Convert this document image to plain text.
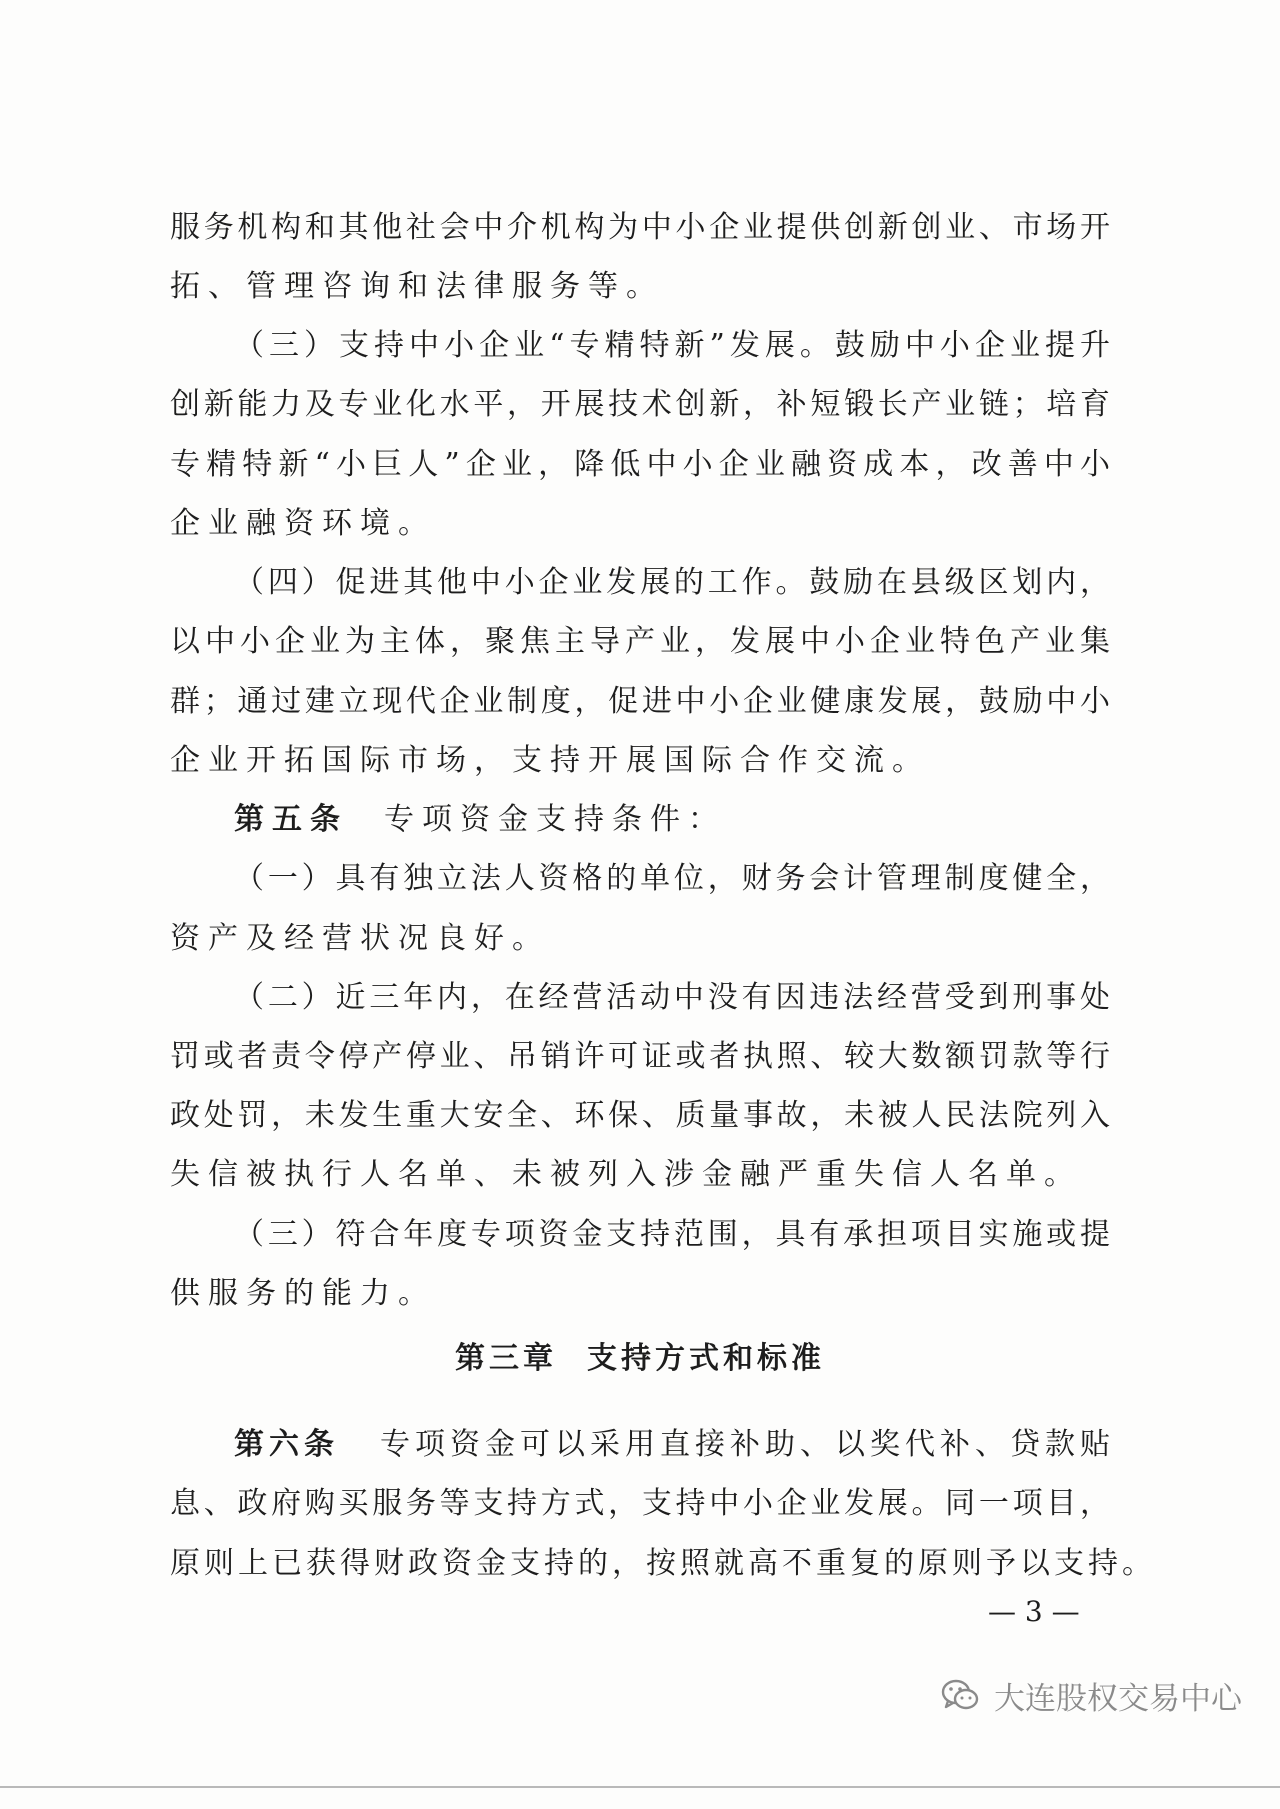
服务机构和其他社会中介机构为中小企业提供创新创业、市场开
拓、管理咨询和法律服务等。
（三）支持中小企业“专精特新”发展。鼓励中小企业提升
创新能力及专业化水平，开展技术创新，补短锻长产业链；培育
专精特新“小巨人”企业，降低中小企业融资成本，改善中小
企业融资环境。
（四）促进其他中小企业发展的工作。鼓励在县级区划内，
以中小企业为主体，聚焦主导产业，发展中小企业特色产业集
群；通过建立现代企业制度，促进中小企业健康发展，鼓励中小
企业开拓国际市场，支持开展国际合作交流。
第五条 专项资金支持条件：
（一）具有独立法人资格的单位，财务会计管理制度健全，
资产及经营状况良好。
（二）近三年内，在经营活动中没有因违法经营受到刑事处
罚或者责令停产停业、吊销许可证或者执照、较大数额罚款等行
政处罚，未发生重大安全、环保、质量事故，未被人民法院列入
失信被执行人名单、未被列入涉金融严重失信人名单。
（三）符合年度专项资金支持范围，具有承担项目实施或提
供服务的能力。
第六条 专项资金可以采用直接补助、以奖代补、贷款贴
息、政府购买服务等支持方式，支持中小企业发展。同一项目，
原则上已获得财政资金支持的，按照就高不重复的原则予以支持。
第三章 支持方式和标准
— 3 —
大连股权交易中心
